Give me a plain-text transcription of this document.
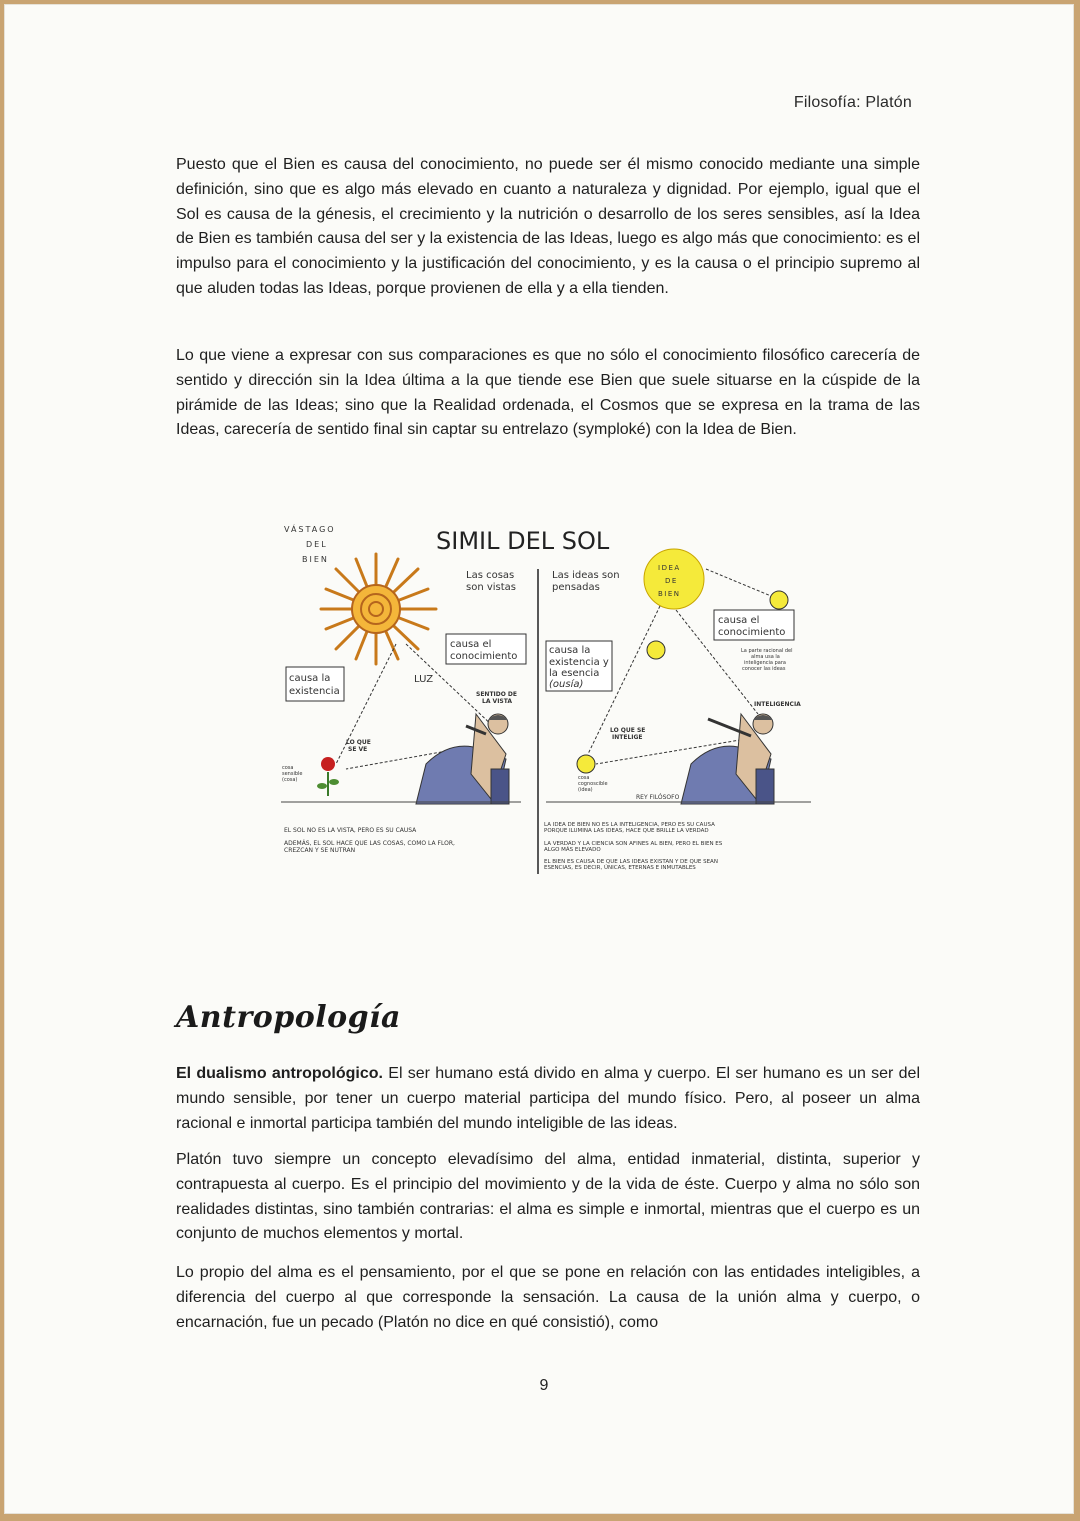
Filosofía: Platón

Puesto que el Bien es causa del conocimiento, no puede ser él mismo conocido mediante una simple definición, sino que es algo más elevado en cuanto a naturaleza y dignidad. Por ejemplo, igual que el Sol es causa de la génesis, el crecimiento y la nutrición o desarrollo de los seres sensibles, así la Idea de Bien es también causa del ser y la existencia de las Ideas, luego es algo más que conocimiento: es el impulso para el conocimiento y la justificación del conocimiento, y es la causa o el principio supremo al que aluden todas las Ideas, porque provienen de ella y a ella tienden.

Lo que viene a expresar con sus comparaciones es que no sólo el conocimiento filosófico carecería de sentido y dirección sin la Idea última a la que tiende ese Bien que suele situarse en la cúspide de la pirámide de las Ideas; sino que la Realidad ordenada, el Cosmos que se expresa en la trama de las Ideas, carecería de sentido final sin captar su entrelazo (symploké) con la Idea de Bien.

SIMIL DEL SOL
VÁSTAGO
DEL
BIEN
Las cosas
son vistas
causa el
conocimiento
causa la
existencia
LUZ
SENTIDO DE
LA VISTA
LO QUE
SE VE
cosa
sensible
(cosa)
EL SOL NO ES LA VISTA, PERO ES SU CAUSA
ADEMÁS, EL SOL HACE QUE LAS COSAS, COMO LA FLOR,
CREZCAN Y SE NUTRAN
Las ideas son
pensadas
IDEA
DE
BIEN
causa el
conocimiento
causa la
existencia y
la esencia
(ousía)
La parte racional del
alma usa la
inteligencia para
conocer las ideas
INTELIGENCIA
LO QUE SE
INTELIGE
cosa
cognoscible
(idea)
REY FILÓSOFO
LA IDEA DE BIEN NO ES LA INTELIGENCIA, PERO ES SU CAUSA
PORQUE ILUMINA LAS IDEAS, HACE QUE BRILLE LA VERDAD
LA VERDAD Y LA CIENCIA SON AFINES AL BIEN, PERO EL BIEN ES
ALGO MÁS ELEVADO
EL BIEN ES CAUSA DE QUE LAS IDEAS EXISTAN Y DE QUE SEAN
ESENCIAS, ES DECIR, ÚNICAS, ETERNAS E INMUTABLES
Antropología

El dualismo antropológico. El ser humano está divido en alma y cuerpo. El ser humano es un ser del mundo sensible, por tener un cuerpo material participa del mundo físico. Pero, al poseer un alma racional e inmortal participa también del mundo inteligible de las ideas.

Platón tuvo siempre un concepto elevadísimo del alma, entidad inmaterial, distinta, superior y contrapuesta al cuerpo. Es el principio del movimiento y de la vida de éste. Cuerpo y alma no sólo son realidades distintas, sino también contrarias: el alma es simple e inmortal, mientras que el cuerpo es un conjunto de muchos elementos y mortal.

Lo propio del alma es el pensamiento, por el que se pone en relación con las entidades inteligibles, a diferencia del cuerpo al que corresponde la sensación. La causa de la unión alma y cuerpo, o encarnación, fue un pecado (Platón no dice en qué consistió), como

9
